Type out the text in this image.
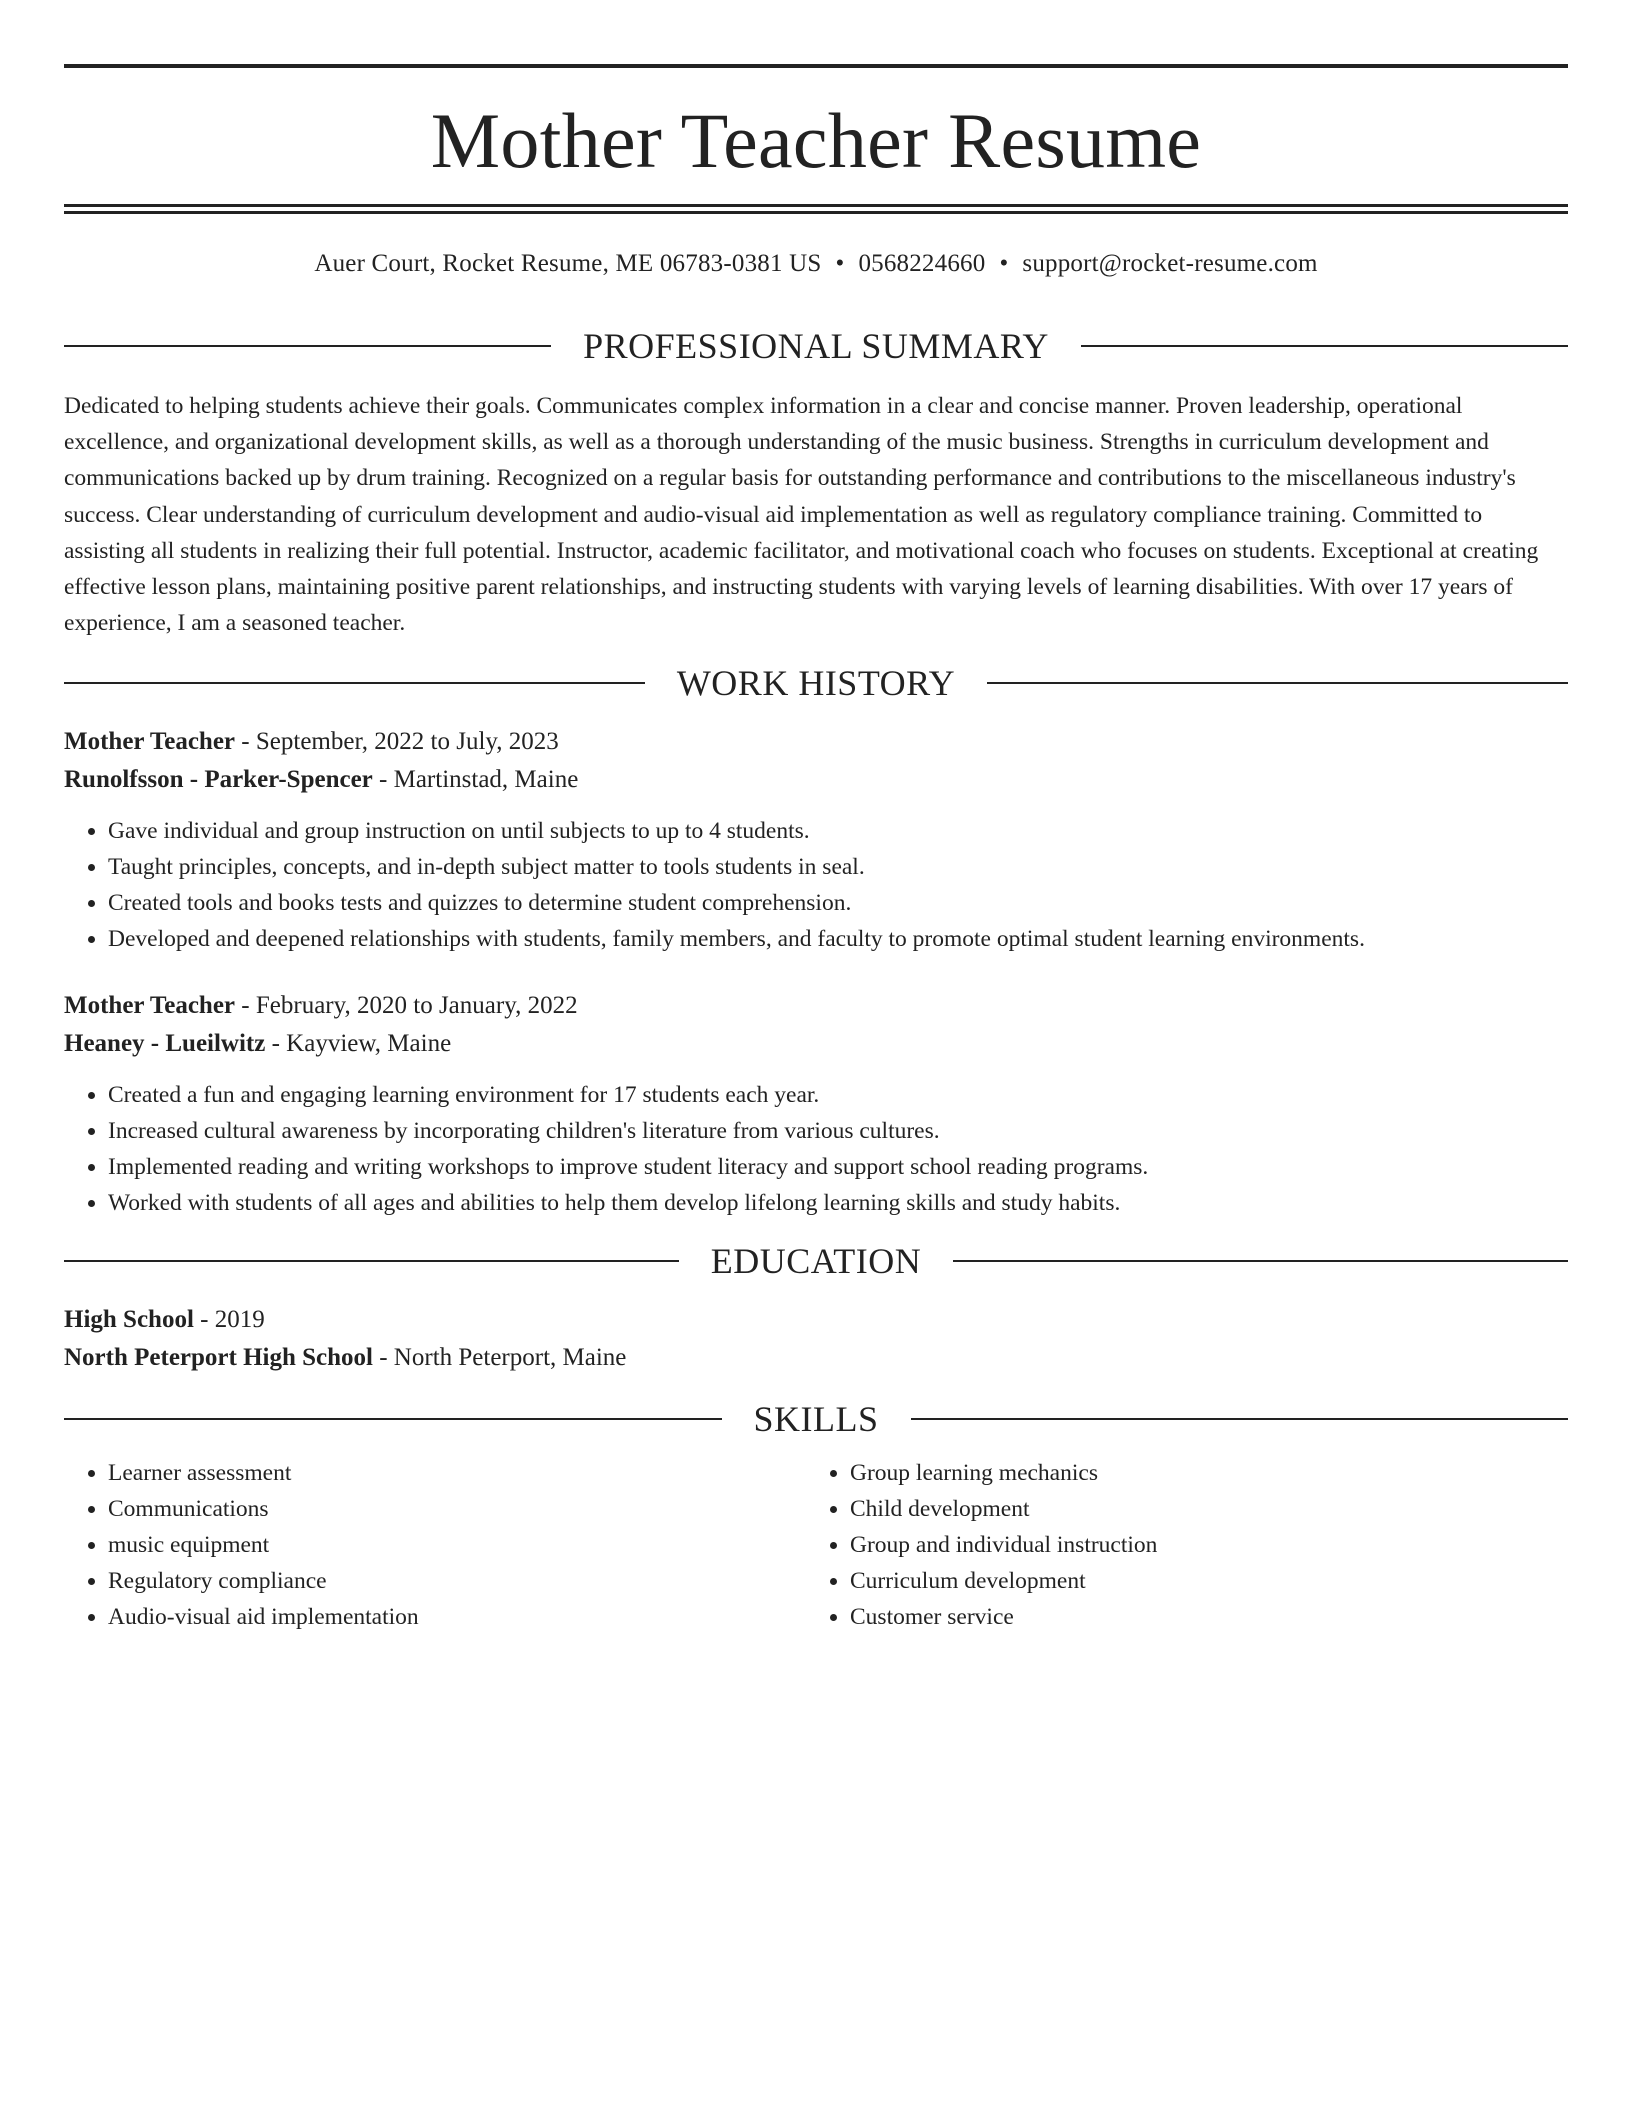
Mother Teacher Resume
Auer Court, Rocket Resume, ME 06783-0381 US • 0568224660 • support@rocket-resume.com
PROFESSIONAL SUMMARY
Dedicated to helping students achieve their goals. Communicates complex information in a clear and concise manner. Proven leadership, operational excellence, and organizational development skills, as well as a thorough understanding of the music business. Strengths in curriculum development and communications backed up by drum training. Recognized on a regular basis for outstanding performance and contributions to the miscellaneous industry's success. Clear understanding of curriculum development and audio-visual aid implementation as well as regulatory compliance training. Committed to assisting all students in realizing their full potential. Instructor, academic facilitator, and motivational coach who focuses on students. Exceptional at creating effective lesson plans, maintaining positive parent relationships, and instructing students with varying levels of learning disabilities. With over 17 years of experience, I am a seasoned teacher.
WORK HISTORY
Mother Teacher - September, 2022 to July, 2023
Runolfsson - Parker-Spencer - Martinstad, Maine
• Gave individual and group instruction on until subjects to up to 4 students.
• Taught principles, concepts, and in-depth subject matter to tools students in seal.
• Created tools and books tests and quizzes to determine student comprehension.
• Developed and deepened relationships with students, family members, and faculty to promote optimal student learning environments.
Mother Teacher - February, 2020 to January, 2022
Heaney - Lueilwitz - Kayview, Maine
• Created a fun and engaging learning environment for 17 students each year.
• Increased cultural awareness by incorporating children's literature from various cultures.
• Implemented reading and writing workshops to improve student literacy and support school reading programs.
• Worked with students of all ages and abilities to help them develop lifelong learning skills and study habits.
EDUCATION
High School - 2019
North Peterport High School - North Peterport, Maine
SKILLS
• Learner assessment
• Communications
• music equipment
• Regulatory compliance
• Audio-visual aid implementation
• Group learning mechanics
• Child development
• Group and individual instruction
• Curriculum development
• Customer service
